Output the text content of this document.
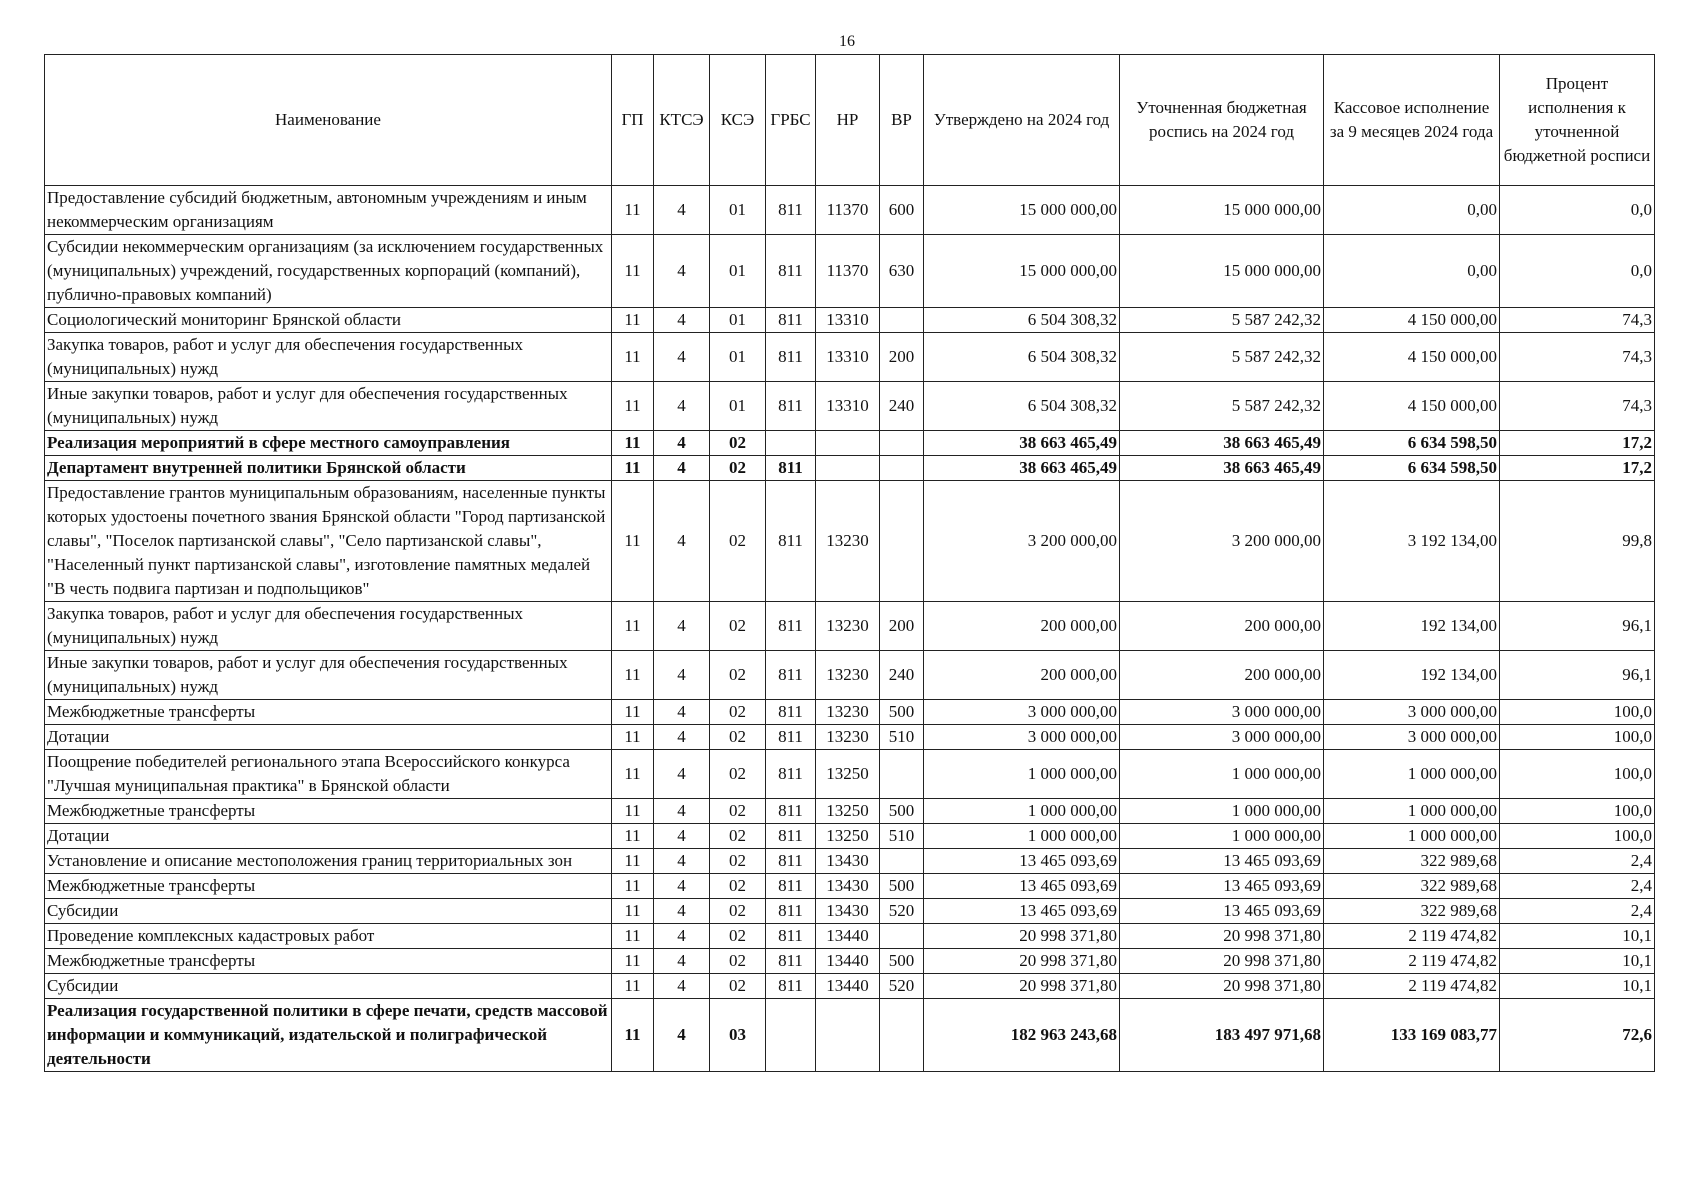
16
Наименование	ГП	КТСЭ	КСЭ	ГРБС	НР	ВР	Утверждено на 2024 год	Уточненная бюджетная роспись на 2024 год	Кассовое исполнение за 9 месяцев 2024 года	Процент исполнения к уточненной бюджетной росписи
Предоставление субсидий бюджетным, автономным учреждениям и иным некоммерческим организациям	11	4	01	811	11370	600	15 000 000,00	15 000 000,00	0,00	0,0
Субсидии некоммерческим организациям (за исключением государственных (муниципальных) учреждений, государственных корпораций (компаний), публично-правовых компаний)	11	4	01	811	11370	630	15 000 000,00	15 000 000,00	0,00	0,0
Социологический мониторинг Брянской области	11	4	01	811	13310		6 504 308,32	5 587 242,32	4 150 000,00	74,3
Закупка товаров, работ и услуг для обеспечения государственных (муниципальных) нужд	11	4	01	811	13310	200	6 504 308,32	5 587 242,32	4 150 000,00	74,3
Иные закупки товаров, работ и услуг для обеспечения государственных (муниципальных) нужд	11	4	01	811	13310	240	6 504 308,32	5 587 242,32	4 150 000,00	74,3
Реализация мероприятий в сфере местного самоуправления	11	4	02				38 663 465,49	38 663 465,49	6 634 598,50	17,2
Департамент внутренней политики Брянской области	11	4	02	811			38 663 465,49	38 663 465,49	6 634 598,50	17,2
Предоставление грантов муниципальным образованиям, населенные пункты которых удостоены почетного звания Брянской области "Город партизанской славы", "Поселок партизанской славы", "Село партизанской славы", "Населенный пункт партизанской славы", изготовление памятных медалей "В честь подвига партизан и подпольщиков"	11	4	02	811	13230		3 200 000,00	3 200 000,00	3 192 134,00	99,8
Закупка товаров, работ и услуг для обеспечения государственных (муниципальных) нужд	11	4	02	811	13230	200	200 000,00	200 000,00	192 134,00	96,1
Иные закупки товаров, работ и услуг для обеспечения государственных (муниципальных) нужд	11	4	02	811	13230	240	200 000,00	200 000,00	192 134,00	96,1
Межбюджетные трансферты	11	4	02	811	13230	500	3 000 000,00	3 000 000,00	3 000 000,00	100,0
Дотации	11	4	02	811	13230	510	3 000 000,00	3 000 000,00	3 000 000,00	100,0
Поощрение победителей регионального этапа Всероссийского конкурса "Лучшая муниципальная практика" в Брянской области	11	4	02	811	13250		1 000 000,00	1 000 000,00	1 000 000,00	100,0
Межбюджетные трансферты	11	4	02	811	13250	500	1 000 000,00	1 000 000,00	1 000 000,00	100,0
Дотации	11	4	02	811	13250	510	1 000 000,00	1 000 000,00	1 000 000,00	100,0
Установление и описание местоположения границ территориальных зон	11	4	02	811	13430		13 465 093,69	13 465 093,69	322 989,68	2,4
Межбюджетные трансферты	11	4	02	811	13430	500	13 465 093,69	13 465 093,69	322 989,68	2,4
Субсидии	11	4	02	811	13430	520	13 465 093,69	13 465 093,69	322 989,68	2,4
Проведение комплексных кадастровых работ	11	4	02	811	13440		20 998 371,80	20 998 371,80	2 119 474,82	10,1
Межбюджетные трансферты	11	4	02	811	13440	500	20 998 371,80	20 998 371,80	2 119 474,82	10,1
Субсидии	11	4	02	811	13440	520	20 998 371,80	20 998 371,80	2 119 474,82	10,1
Реализация государственной политики в сфере печати, средств массовой информации и коммуникаций, издательской и полиграфической деятельности	11	4	03				182 963 243,68	183 497 971,68	133 169 083,77	72,6
